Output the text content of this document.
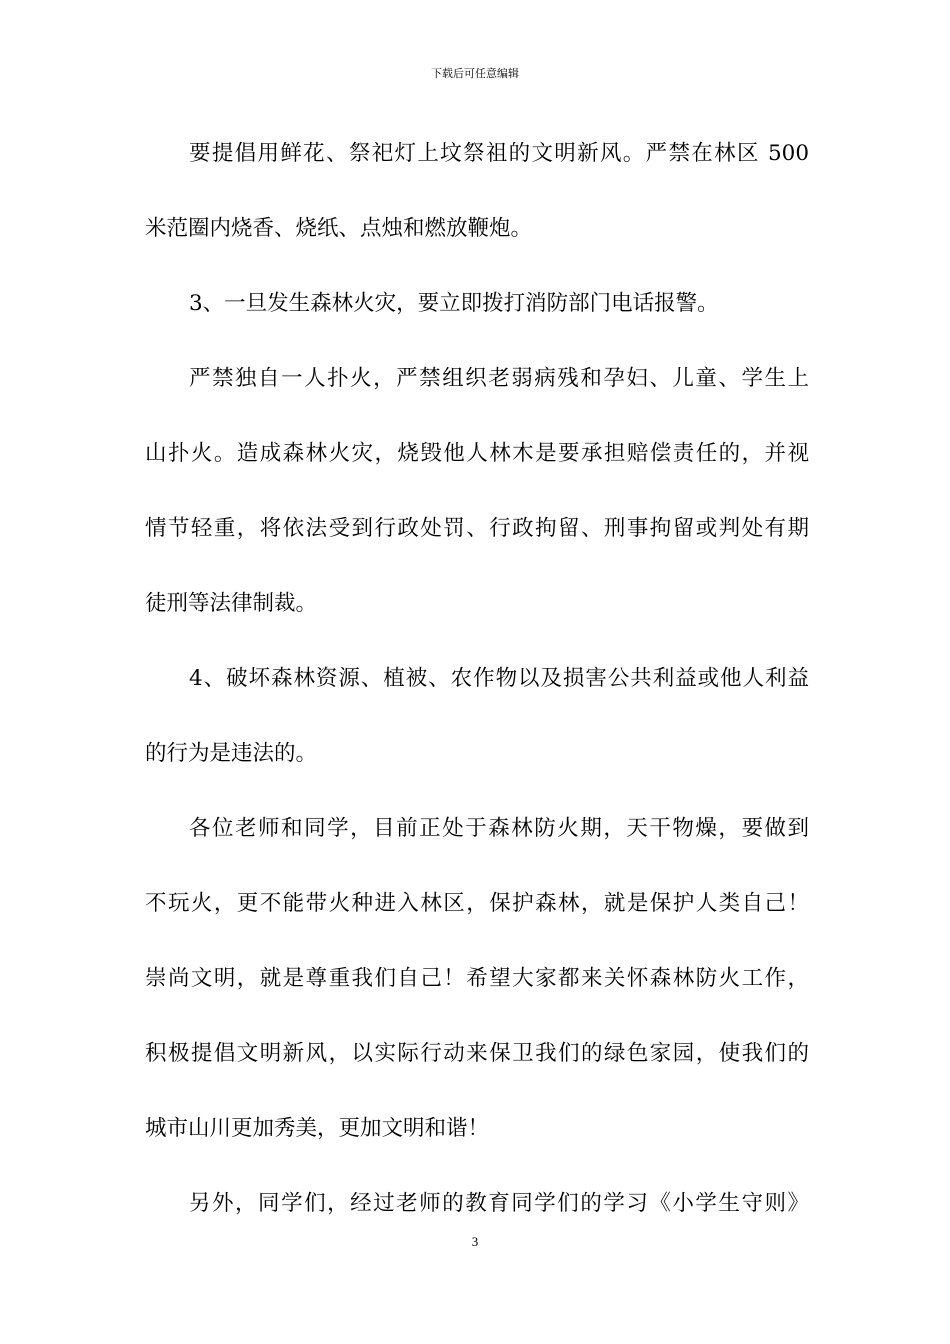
下载后可任意编辑
要提倡用鲜花、祭祀灯上坟祭祖的文明新风。严禁在林区 500
米范圈内烧香、烧纸、点烛和燃放鞭炮。
3、一旦发生森林火灾，要立即拨打消防部门电话报警。
严禁独自一人扑火，严禁组织老弱病残和孕妇、儿童、学生上
山扑火。造成森林火灾，烧毁他人林木是要承担赔偿责任的，并视
情节轻重，将依法受到行政处罚、行政拘留、刑事拘留或判处有期
徒刑等法律制裁。
4、破坏森林资源、植被、农作物以及损害公共利益或他人利益
的行为是违法的。
各位老师和同学，目前正处于森林防火期，天干物燥，要做到
不玩火，更不能带火种进入林区，保护森林，就是保护人类自己！
崇尚文明，就是尊重我们自己！希望大家都来关怀森林防火工作，
积极提倡文明新风，以实际行动来保卫我们的绿色家园，使我们的
城市山川更加秀美，更加文明和谐！
另外，同学们，经过老师的教育同学们的学习《小学生守则》
3
